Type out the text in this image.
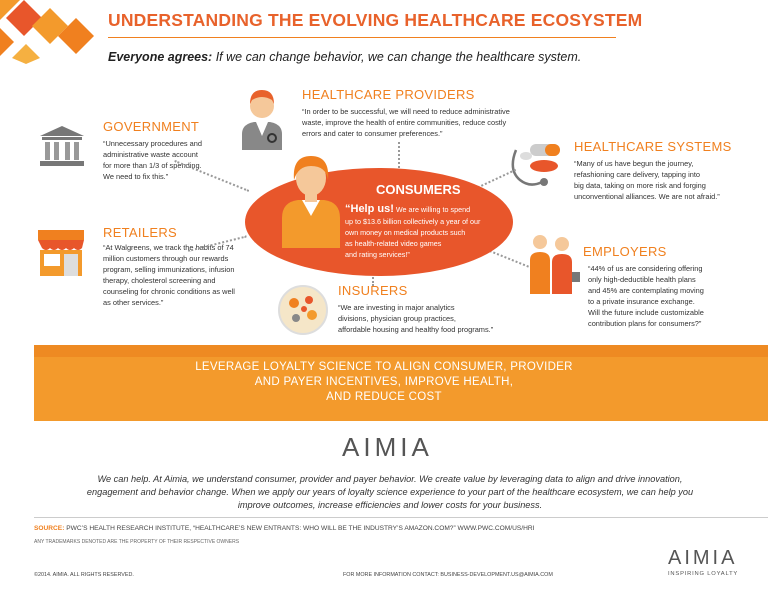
UNDERSTANDING THE EVOLVING HEALTHCARE ECOSYSTEM
Everyone agrees: If we can change behavior, we can change the healthcare system.
HEALTHCARE PROVIDERS
“In order to be successful, we will need to reduce administrative
waste, improve the health of entire communities, reduce costly
errors and cater to consumer preferences.”
GOVERNMENT
“Unnecessary procedures and
administrative waste account
for more than 1/3 of spending.
We need to fix this.”
HEALTHCARE SYSTEMS
“Many of us have begun the journey,
refashioning care delivery, tapping into
big data, taking on more risk and forging
unconventional alliances. We are not afraid.”
RETAILERS
“At Walgreens, we track the habits of 74
million customers through our rewards
program, selling immunizations, infusion
therapy, cholesterol screening and
counseling for chronic conditions as well
as other services.”
CONSUMERS
“Help us! We are willing to spend
up to $13.6 billion collectively a year of our
own money on medical products such
as health-related video games
and rating services!”	EMPLOYERS
“44% of us are considering offering
only high-deductible health plans
and 45% are contemplating moving
to a private insurance exchange.
Will the future include customizable
contribution plans for consumers?”
INSURERS
“We are investing in major analytics
divisions, physician group practices,
affordable housing and healthy food programs.”
LEVERAGE LOYALTY SCIENCE TO ALIGN CONSUMER, PROVIDER
AND PAYER INCENTIVES, IMPROVE HEALTH,
AND REDUCE COST
AIMIA
We can help. At Aimia, we understand consumer, provider and payer behavior. We create value by leveraging data to align and drive innovation,
engagement and behavior change. When we apply our years of loyalty science experience to your part of the healthcare ecosystem, we can help you
improve outcomes, increase efficiencies and lower costs for your business.
SOURCE: PWC’S HEALTH RESEARCH INSTITUTE, “HEALTHCARE’S NEW ENTRANTS: WHO WILL BE THE INDUSTRY’S AMAZON.COM?” WWW.PWC.COM/US/HRI
ANY TRADEMARKS DENOTED ARE THE PROPERTY OF THEIR RESPECTIVE OWNERS
©2014. AIMIA. ALL RIGHTS RESERVED.	FOR MORE INFORMATION CONTACT: BUSINESS-DEVELOPMENT.US@AIMIA.COM
AIMIA
INSPIRING LOYALTY
